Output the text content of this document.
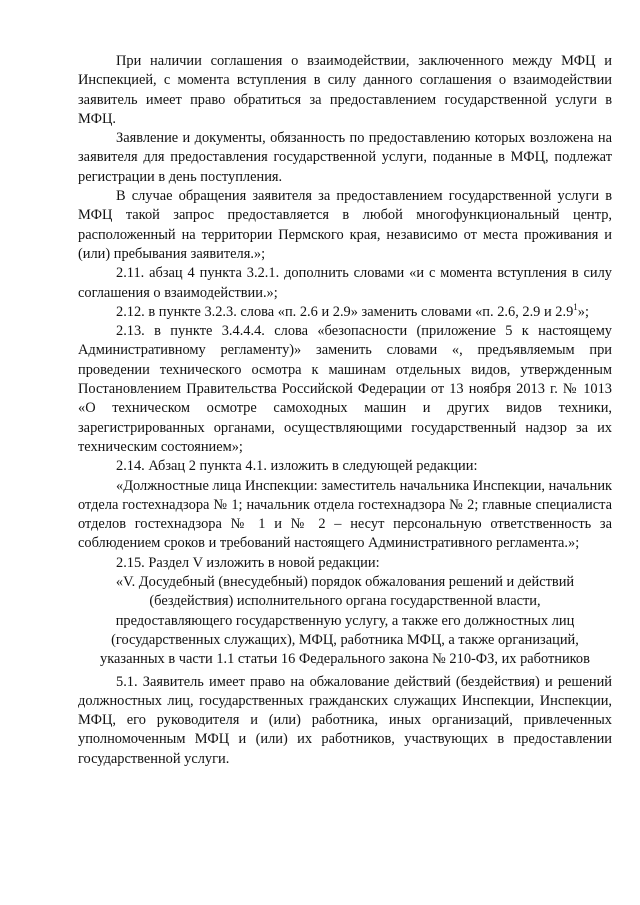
При наличии соглашения о взаимодействии, заключенного между МФЦ и Инспекцией, с момента вступления в силу данного соглашения о взаимодействии заявитель имеет право обратиться за предоставлением государственной услуги в МФЦ.

Заявление и документы, обязанность по предоставлению которых возложена на заявителя для предоставления государственной услуги, поданные в МФЦ, подлежат регистрации в день поступления.

В случае обращения заявителя за предоставлением государственной услуги в МФЦ такой запрос предоставляется в любой многофункциональный центр, расположенный на территории Пермского края, независимо от места проживания и (или) пребывания заявителя.»;

2.11. абзац 4 пункта 3.2.1. дополнить словами «и с момента вступления в силу соглашения о взаимодействии.»;

2.12. в пункте 3.2.3. слова «п. 2.6 и 2.9» заменить словами «п. 2.6, 2.9 и $2.9^1$»;

2.13. в пункте 3.4.4.4. слова «безопасности (приложение 5 к настоящему Административному регламенту)» заменить словами «, предъявляемым при проведении технического осмотра к машинам отдельных видов, утвержденным Постановлением Правительства Российской Федерации от 13 ноября 2013 г. № 1013 «О техническом осмотре самоходных машин и других видов техники, зарегистрированных органами, осуществляющими государственный надзор за их техническим состоянием»;

2.14. Абзац 2 пункта 4.1. изложить в следующей редакции:

«Должностные лица Инспекции: заместитель начальника Инспекции, начальник отдела гостехнадзора № 1; начальник отдела гостехнадзора № 2; главные специалиста отделов гостехнадзора № 1 и № 2 – несут персональную ответственность за соблюдением сроков и требований настоящего Административного регламента.»;

2.15. Раздел V изложить в новой редакции:

«V. Досудебный (внесудебный) порядок обжалования решений и действий
(бездействия) исполнительного органа государственной власти,
предоставляющего государственную услугу, а также его должностных лиц
(государственных служащих), МФЦ, работника МФЦ, а также организаций,
указанных в части 1.1 статьи 16 Федерального закона № 210-ФЗ, их работников

5.1. Заявитель имеет право на обжалование действий (бездействия) и решений должностных лиц, государственных гражданских служащих Инспекции, Инспекции, МФЦ, его руководителя и (или) работника, иных организаций, привлеченных уполномоченным МФЦ и (или) их работников, участвующих в предоставлении государственной услуги.
